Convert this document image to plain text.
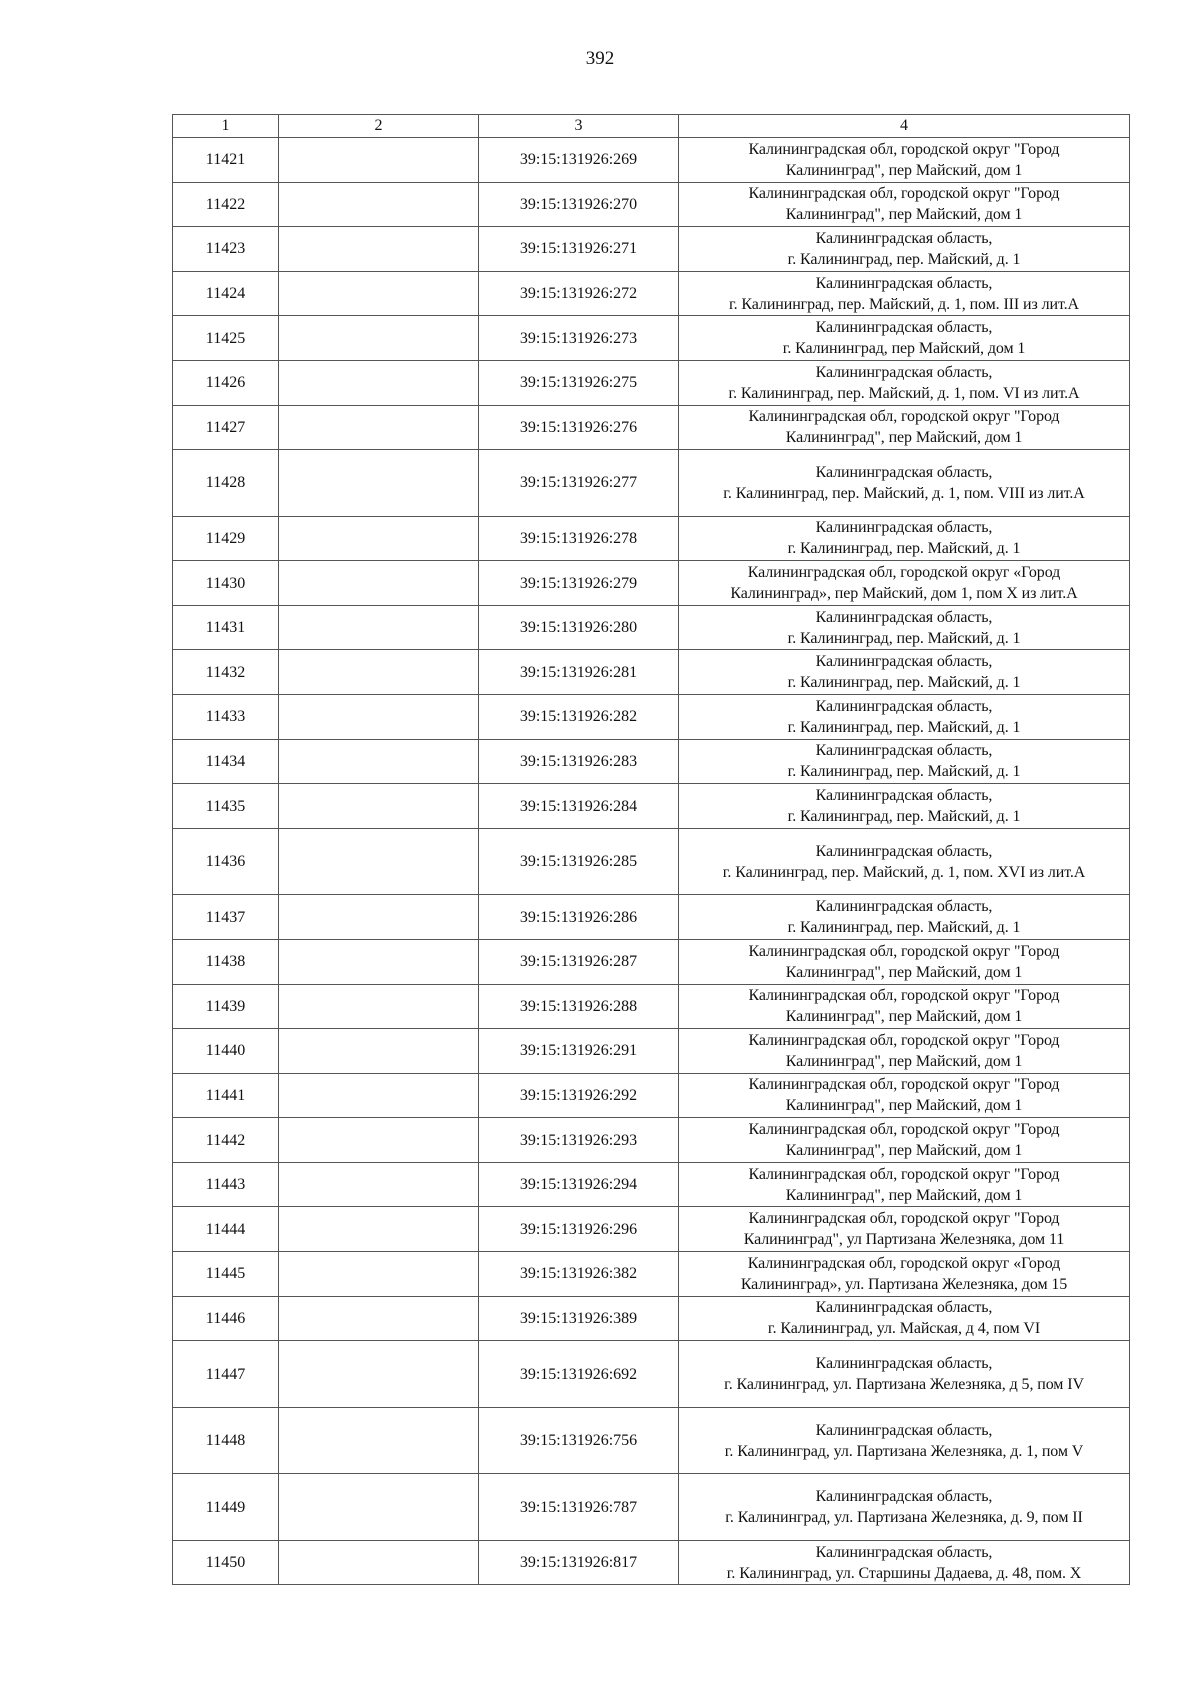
392
1	2	3	4
11421		39:15:131926:269	Калининградская обл, городской округ "Город
Калининград", пер Майский, дом 1

11422		39:15:131926:270	Калининградская обл, городской округ "Город
Калининград", пер Майский, дом 1

11423		39:15:131926:271	Калининградская область,
г. Калининград, пер. Майский, д. 1

11424		39:15:131926:272	Калининградская область,
г. Калининград, пер. Майский, д. 1, пом. III из лит.А

11425		39:15:131926:273	Калининградская область,
г. Калининград, пер Майский, дом 1

11426		39:15:131926:275	Калининградская область,
г. Калининград, пер. Майский, д. 1, пом. VI из лит.А

11427		39:15:131926:276	Калининградская обл, городской округ "Город
Калининград", пер Майский, дом 1

11428		39:15:131926:277	Калининградская область,
г. Калининград, пер. Майский, д. 1, пом. VIII из лит.А

11429		39:15:131926:278	Калининградская область,
г. Калининград, пер. Майский, д. 1

11430		39:15:131926:279	Калининградская обл, городской округ «Город
Калининград», пер Майский, дом 1, пом X из лит.А

11431		39:15:131926:280	Калининградская область,
г. Калининград, пер. Майский, д. 1

11432		39:15:131926:281	Калининградская область,
г. Калининград, пер. Майский, д. 1

11433		39:15:131926:282	Калининградская область,
г. Калининград, пер. Майский, д. 1

11434		39:15:131926:283	Калининградская область,
г. Калининград, пер. Майский, д. 1

11435		39:15:131926:284	Калининградская область,
г. Калининград, пер. Майский, д. 1

11436		39:15:131926:285	Калининградская область,
г. Калининград, пер. Майский, д. 1, пом. XVI из лит.А

11437		39:15:131926:286	Калининградская область,
г. Калининград, пер. Майский, д. 1

11438		39:15:131926:287	Калининградская обл, городской округ "Город
Калининград", пер Майский, дом 1

11439		39:15:131926:288	Калининградская обл, городской округ "Город
Калининград", пер Майский, дом 1

11440		39:15:131926:291	Калининградская обл, городской округ "Город
Калининград", пер Майский, дом 1

11441		39:15:131926:292	Калининградская обл, городской округ "Город
Калининград", пер Майский, дом 1

11442		39:15:131926:293	Калининградская обл, городской округ "Город
Калининград", пер Майский, дом 1

11443		39:15:131926:294	Калининградская обл, городской округ "Город
Калининград", пер Майский, дом 1

11444		39:15:131926:296	Калининградская обл, городской округ "Город
Калининград", ул Партизана Железняка, дом 11

11445		39:15:131926:382	Калининградская обл, городской округ «Город
Калининград», ул. Партизана Железняка, дом 15

11446		39:15:131926:389	Калининградская область,
г. Калининград, ул. Майская, д 4, пом VI

11447		39:15:131926:692	Калининградская область,
г. Калининград, ул. Партизана Железняка, д 5, пом IV

11448		39:15:131926:756	Калининградская область,
г. Калининград, ул. Партизана Железняка, д. 1, пом V

11449		39:15:131926:787	Калининградская область,
г. Калининград, ул. Партизана Железняка, д. 9, пом II

11450		39:15:131926:817	Калининградская область,
г. Калининград, ул. Старшины Дадаева, д. 48, пом. X
